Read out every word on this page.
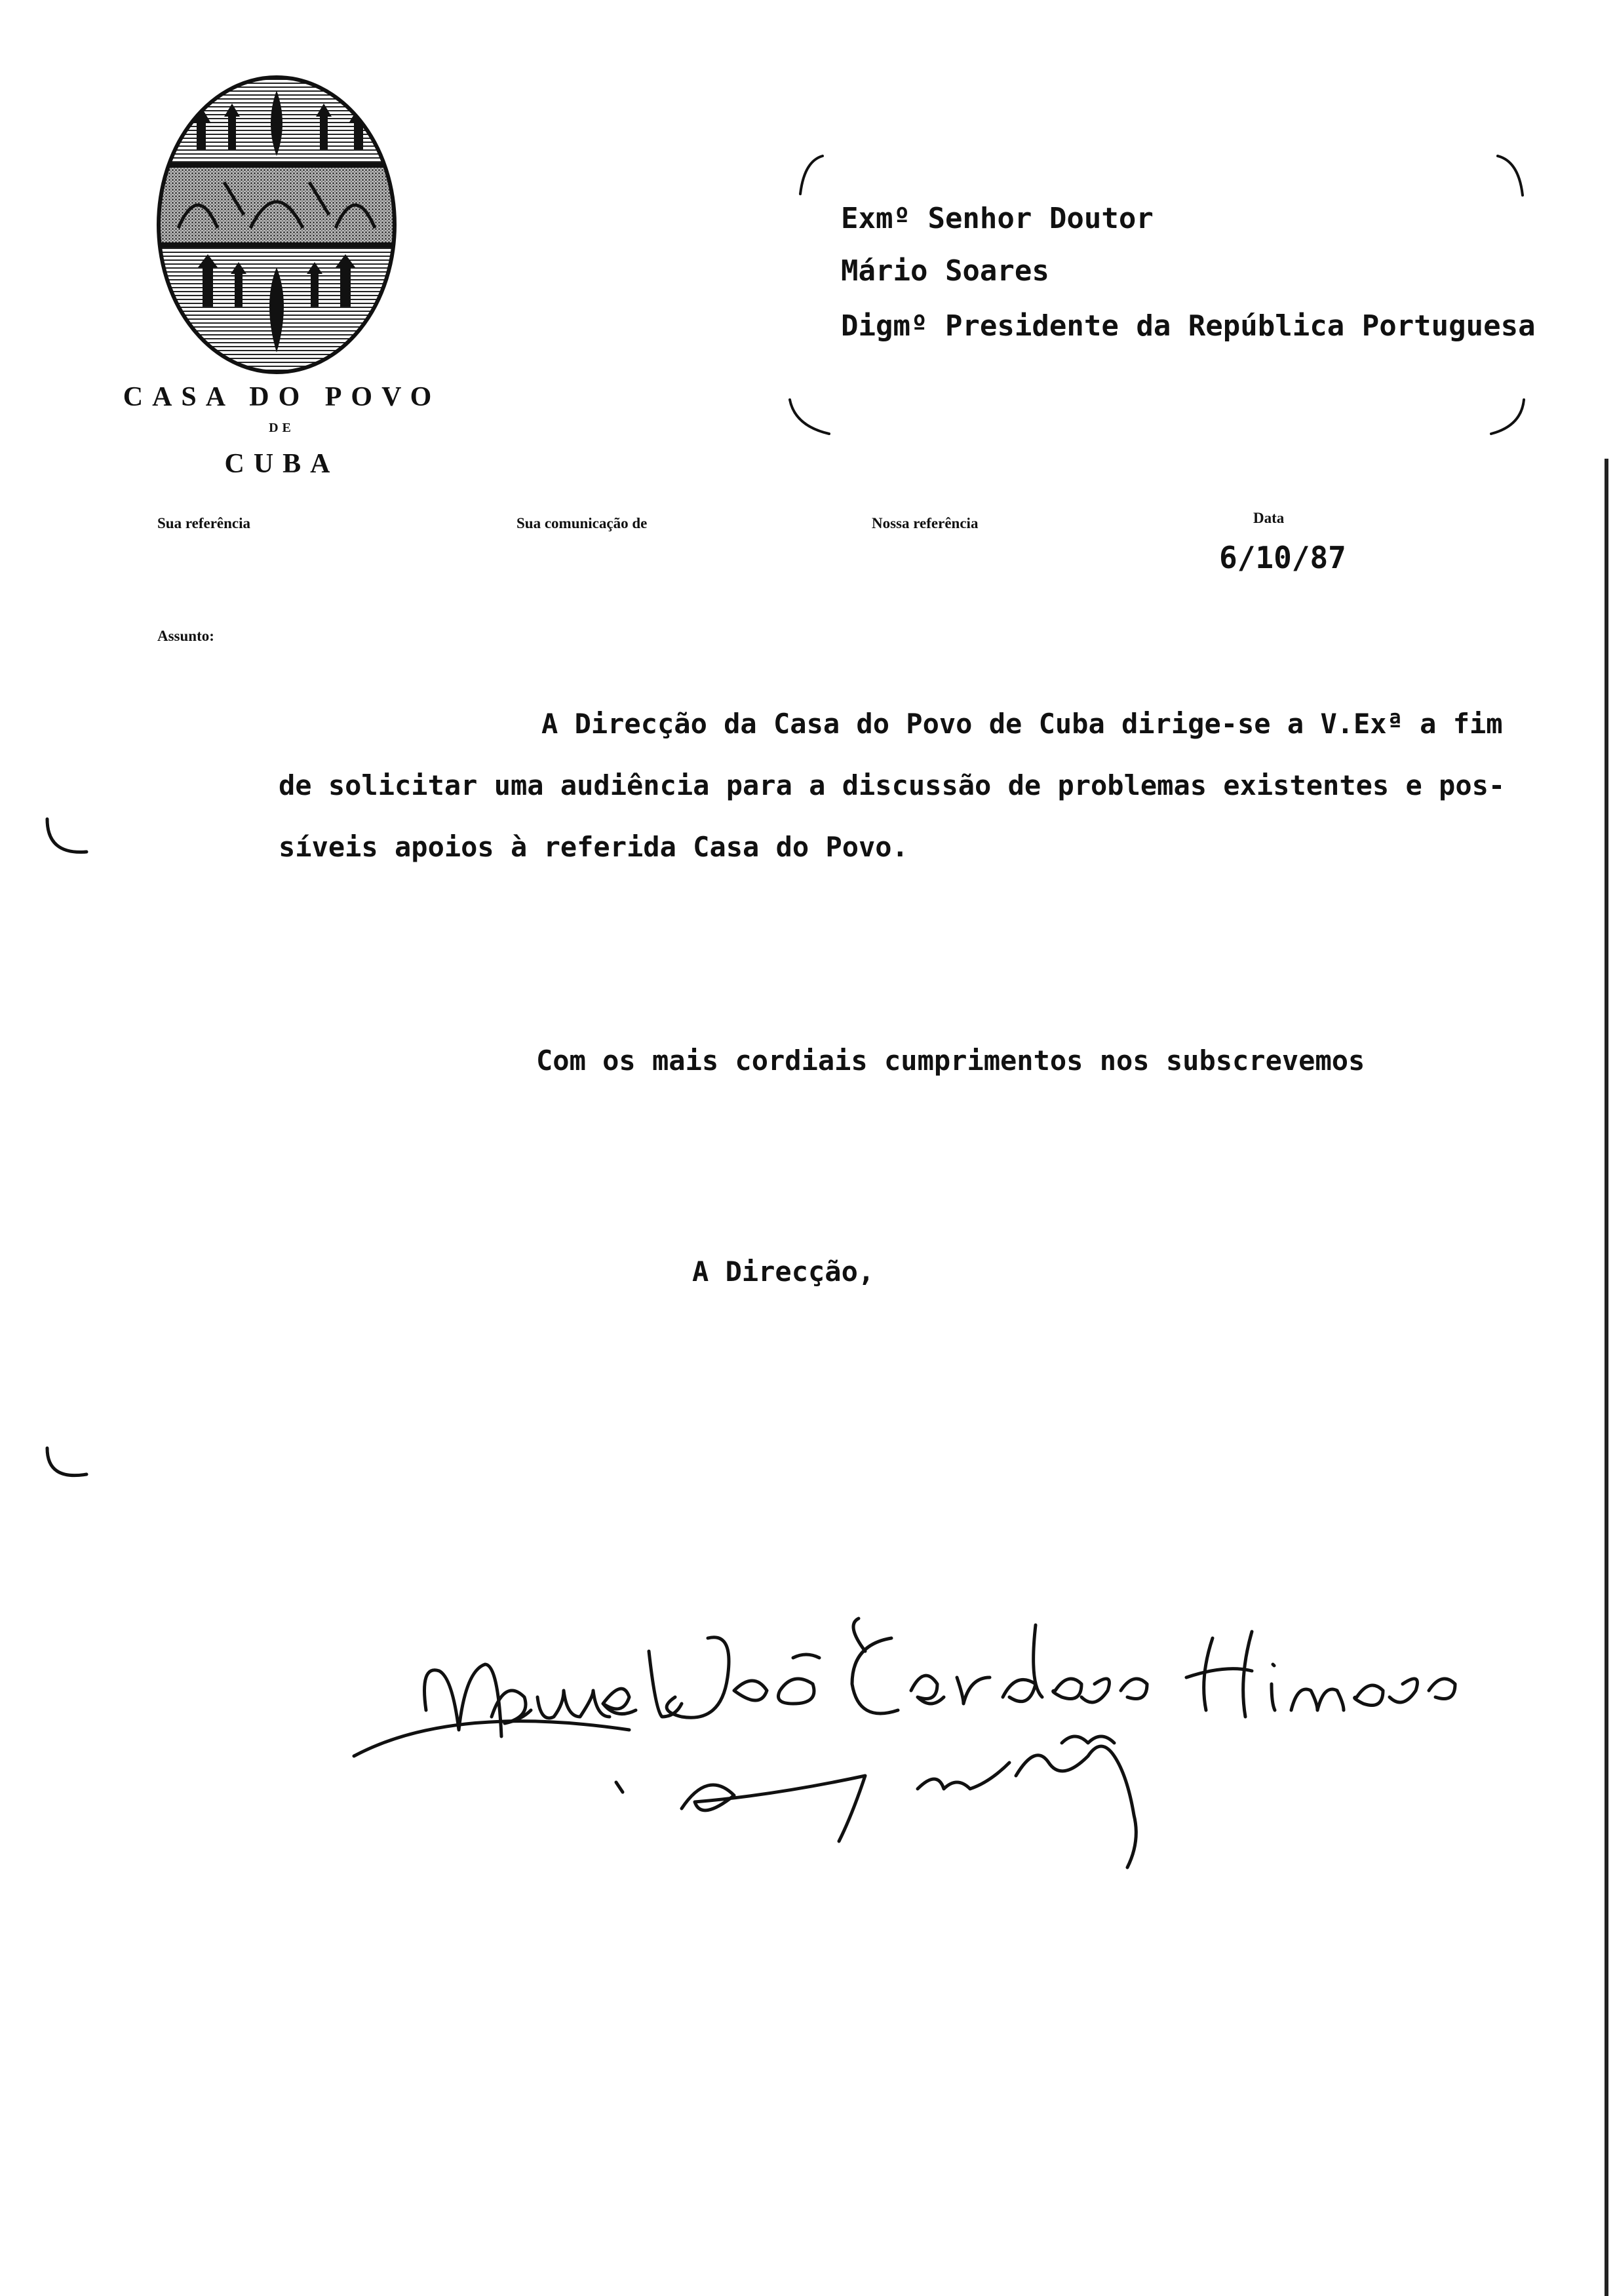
CASA DO POVO
DE
CUBA
Exmº Senhor Doutor
Mário Soares
Digmº Presidente da República Portuguesa
Sua referência	Sua comunicação de	Nossa referência	Data
6/10/87
Assunto:
A Direcção da Casa do Povo de Cuba dirige-se a V.Exª a fim
de solicitar uma audiência para a discussão de problemas existentes e pos-
síveis apoios à referida Casa do Povo.
Com os mais cordiais cumprimentos nos subscrevemos
A Direcção,
